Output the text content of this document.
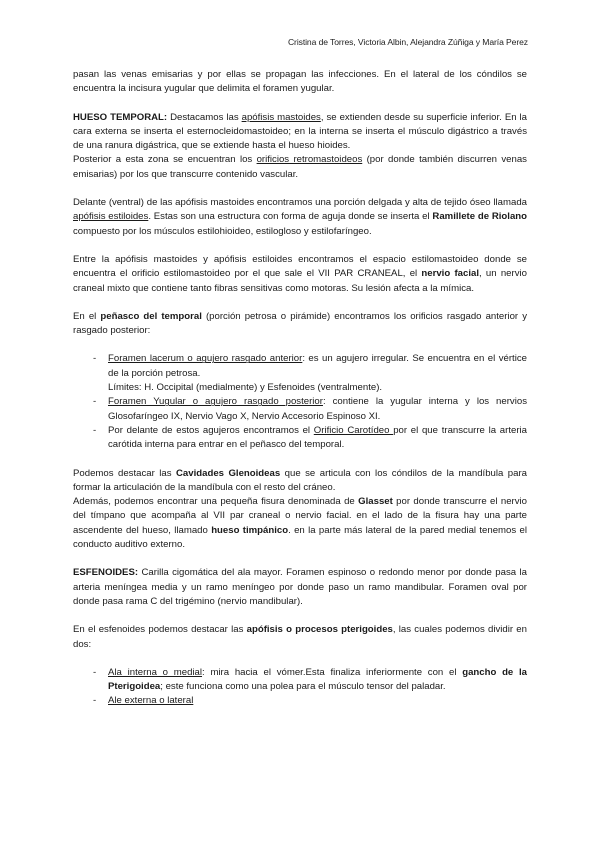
Cristina de Torres, Victoria Albin, Alejandra Zúñiga y María Perez

pasan las venas emisarias y por ellas se propagan las infecciones. En el lateral de los cóndilos se encuentra la incisura yugular que delimita el foramen yugular.

HUESO TEMPORAL: Destacamos las apófisis mastoides, se extienden desde su superficie inferior. En la cara externa se inserta el esternocleidomastoideo; en la interna se inserta el músculo digástrico a través de una ranura digástrica, que se extiende hasta el hueso hioides.

Posterior a esta zona se encuentran los orificios retromastoideos (por donde también discurren venas emisarias) por los que transcurre contenido vascular.

Delante (ventral) de las apófisis mastoides encontramos una porción delgada y alta de tejido óseo llamada apófisis estiloides. Estas son una estructura con forma de aguja donde se inserta el Ramillete de Riolano compuesto por los músculos estilohioideo, estilogloso y estilofaríngeo.

Entre la apófisis mastoides y apófisis estiloides encontramos el espacio estilomastoideo donde se encuentra el orificio estilomastoideo por el que sale el VII PAR CRANEAL, el nervio facial, un nervio craneal mixto que contiene tanto fibras sensitivas como motoras. Su lesión afecta a la mímica.

En el peñasco del temporal (porción petrosa o pirámide) encontramos los orificios rasgado anterior y rasgado posterior:

- Foramen lacerum o agujero rasgado anterior: es un agujero irregular. Se encuentra en el vértice de la porción petrosa.

Límites: H. Occipital (medialmente) y Esfenoides (ventralmente).

- Foramen Yugular o agujero rasgado posterior: contiene la yugular interna y los nervios Glosofaríngeo IX, Nervio Vago X, Nervio Accesorio Espinoso XI.
- Por delante de estos agujeros encontramos el Orificio Carotídeo por el que transcurre la arteria carótida interna para entrar en el peñasco del temporal.

Podemos destacar las Cavidades Glenoideas que se articula con los cóndilos de la mandíbula para formar la articulación de la mandíbula con el resto del cráneo.

Además, podemos encontrar una pequeña fisura denominada de Glasset por donde transcurre el nervio del tímpano que acompaña al VII par craneal o nervio facial. en el lado de la fisura hay una parte ascendente del hueso, llamado hueso timpánico. en la parte más lateral de la pared medial tenemos el conducto auditivo externo.

ESFENOIDES: Carilla cigomática del ala mayor. Foramen espinoso o redondo menor por donde pasa la arteria meníngea media y un ramo meníngeo por donde paso un ramo mandibular. Foramen oval por donde pasa rama C del trigémino (nervio mandibular).

En el esfenoides podemos destacar las apófisis o procesos pterigoides, las cuales podemos dividir en dos:

- Ala interna o medial: mira hacia el vómer.Esta finaliza inferiormente con el gancho de la Pterigoidea; este funciona como una polea para el músculo tensor del paladar.
- Ale externa o lateral
